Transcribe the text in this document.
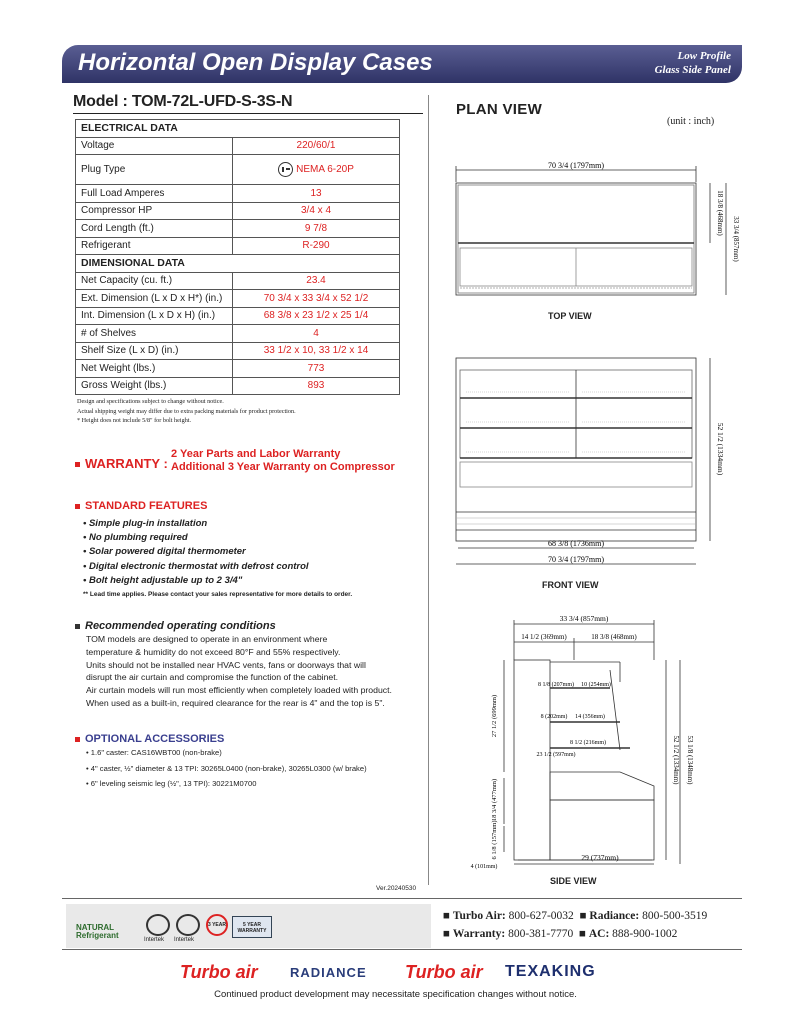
Horizontal Open Display Cases	Low Profile
Glass Side Panel
Model : TOM-72L-UFD-S-3S-N
ELECTRICAL DATA	
Voltage	220/60/1
Plug Type	NEMA 6-20P
Full Load Amperes	13
Compressor HP	3/4 x 4
Cord Length (ft.)	9 7/8
Refrigerant	R-290
DIMENSIONAL DATA	
Net Capacity (cu. ft.)	23.4
Ext. Dimension (L x D x H*) (in.)	70 3/4 x 33 3/4 x 52 1/2
Int. Dimension (L x D x H) (in.)	68 3/8 x 23 1/2 x 25 1/4
# of Shelves	4
Shelf Size (L x D) (in.)	33 1/2 x 10, 33 1/2 x 14
Net Weight (lbs.)	773
Gross Weight (lbs.)	893
Design and specifications subject to change without notice.
Actual shipping weight may differ due to extra packing materials for product protection.
* Height does not include 5/8" for bolt height.
WARRANTY :
2 Year Parts and Labor Warranty
Additional 3 Year Warranty on Compressor
STANDARD FEATURES
• Simple plug-in installation
• No plumbing required
• Solar powered digital thermometer
• Digital electronic thermostat with defrost control
• Bolt height adjustable up to 2 3/4"
** Lead time applies. Please contact your sales representative for more details to order.
Recommended operating conditions
TOM models are designed to operate in an environment where
temperature & humidity do not exceed 80°F and 55% respectively.
Units should not be installed near HVAC vents, fans or doorways that will
disrupt the air curtain and compromise the function of the cabinet.
Air curtain models will run most efficiently when completely loaded with product.
When used as a built-in, required clearance for the rear is 4" and the top is 5".
OPTIONAL ACCESSORIES
• 1.6" caster: CAS16WBT00 (non-brake)
• 4" caster, ½" diameter & 13 TPI: 30265L0400 (non-brake), 30265L0300 (w/ brake)
• 6" leveling seismic leg (½", 13 TPI): 30221M0700
Ver.20240530
PLAN VIEW
(unit : inch)
70 3/4 (1797mm)
18 3/8 (468mm)
33 3/4 (857mm)
TOP VIEW
68 3/8 (1736mm)
70 3/4 (1797mm)
52 1/2 (1334mm)
FRONT VIEW
33 3/4 (857mm)
14 1/2 (369mm)	18 3/8 (468mm)
8 1/8 (207mm) 10 (254mm)
8 (202mm) 14 (356mm)
8 1/2 (216mm)
23 1/2 (597mm)
27 1/2 (699mm)
18 3/4 (477mm)
6 1/8 (157mm)
4 (101mm)
52 1/2 (1334mm) 53 1/8 (1348mm)
29 (737mm)
SIDE VIEW
NATURAL Refrigerant	Intertek Intertek
3 YEAR	5 YEAR WARRANTY
■ Turbo Air: 800-627-0032 ■ Radiance: 800-500-3519
■ Warranty: 800-381-7770 ■ AC: 888-900-1002
Turbo air RADIANCE Turbo air TEXAKING
Continued product development may necessitate specification changes without notice.
